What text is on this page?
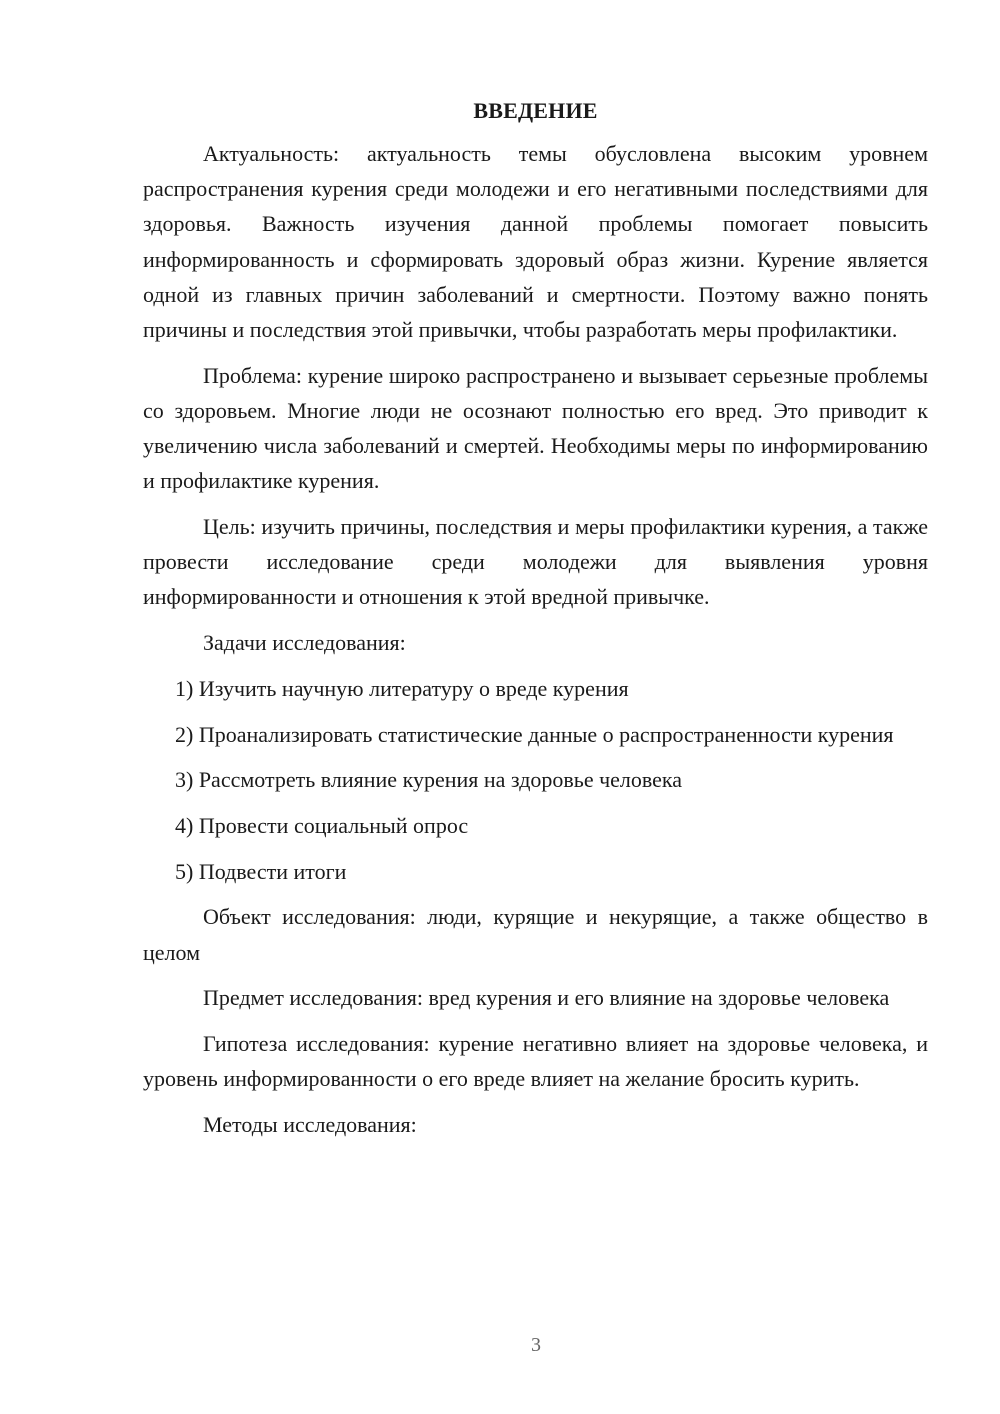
ВВЕДЕНИЕ

Актуальность: актуальность темы обусловлена высоким уровнем распространения курения среди молодежи и его негативными последствиями для здоровья. Важность изучения данной проблемы помогает повысить информированность и сформировать здоровый образ жизни. Курение является одной из главных причин заболеваний и смертности. Поэтому важно понять причины и последствия этой привычки, чтобы разработать меры профилактики.

Проблема: курение широко распространено и вызывает серьезные проблемы со здоровьем. Многие люди не осознают полностью его вред. Это приводит к увеличению числа заболеваний и смертей. Необходимы меры по информированию и профилактике курения.

Цель: изучить причины, последствия и меры профилактики курения, а также провести исследование среди молодежи для выявления уровня информированности и отношения к этой вредной привычке.

Задачи исследования:

1) Изучить научную литературу о вреде курения

2) Проанализировать статистические данные о распространенности курения

3) Рассмотреть влияние курения на здоровье человека

4) Провести социальный опрос

5) Подвести итоги

Объект исследования: люди, курящие и некурящие, а также общество в целом

Предмет исследования: вред курения и его влияние на здоровье человека

Гипотеза исследования: курение негативно влияет на здоровье человека, и уровень информированности о его вреде влияет на желание бросить курить.

Методы исследования:

3
